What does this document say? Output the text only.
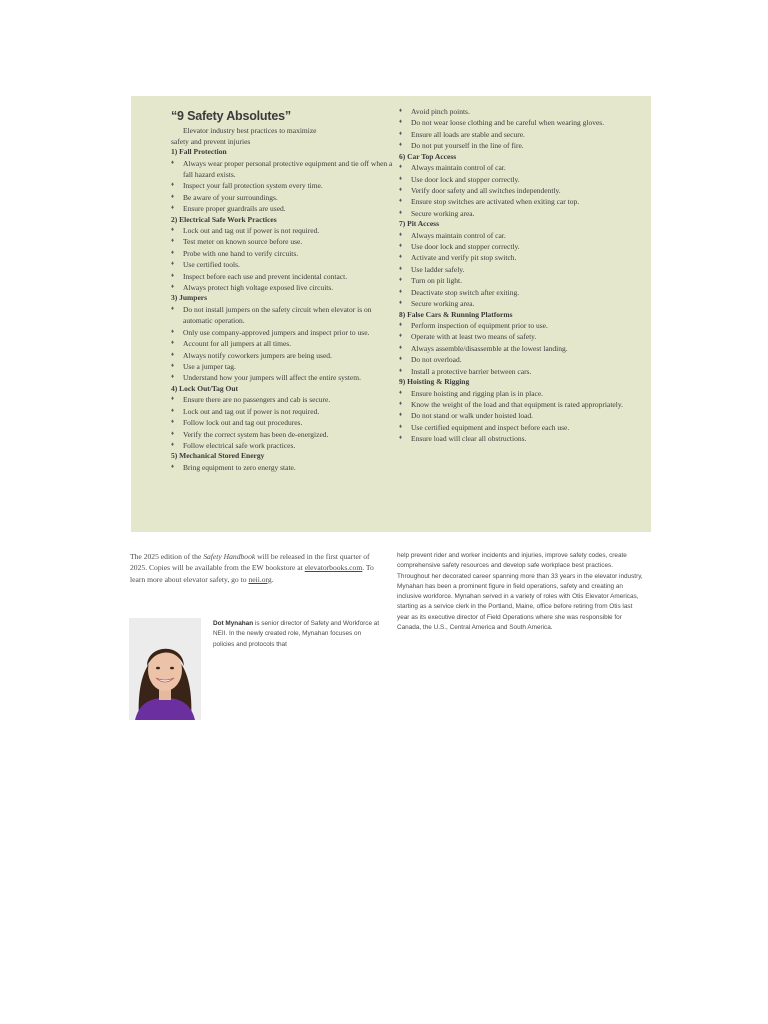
“9 Safety Absolutes”
Elevator industry best practices to maximize
safety and prevent injuries
1) Fall Protection
♦ Always wear proper personal protective equipment and tie off when a fall hazard exists.
♦ Inspect your fall protection system every time.
♦ Be aware of your surroundings.
♦ Ensure proper guardrails are used.
2) Electrical Safe Work Practices
♦ Lock out and tag out if power is not required.
♦ Test meter on known source before use.
♦ Probe with one hand to verify circuits.
♦ Use certified tools.
♦ Inspect before each use and prevent incidental contact.
♦ Always protect high voltage exposed live circuits.
3) Jumpers
♦ Do not install jumpers on the safety circuit when elevator is on automatic operation.
♦ Only use company-approved jumpers and inspect prior to use.
♦ Account for all jumpers at all times.
♦ Always notify coworkers jumpers are being used.
♦ Use a jumper tag.
♦ Understand how your jumpers will affect the entire system.
4) Lock Out/Tag Out
♦ Ensure there are no passengers and cab is secure.
♦ Lock out and tag out if power is not required.
♦ Follow lock out and tag out procedures.
♦ Verify the correct system has been de-energized.
♦ Follow electrical safe work practices.
5) Mechanical Stored Energy
♦ Bring equipment to zero energy state.
♦ Avoid pinch points.
♦ Do not wear loose clothing and be careful when wearing gloves.
♦ Ensure all loads are stable and secure.
♦ Do not put yourself in the line of fire.
6) Car Top Access
♦ Always maintain control of car.
♦ Use door lock and stopper correctly.
♦ Verify door safety and all switches independently.
♦ Ensure stop switches are activated when exiting car top.
♦ Secure working area.
7) Pit Access
♦ Always maintain control of car.
♦ Use door lock and stopper correctly.
♦ Activate and verify pit stop switch.
♦ Use ladder safely.
♦ Turn on pit light.
♦ Deactivate stop switch after exiting.
♦ Secure working area.
8) False Cars & Running Platforms
♦ Perform inspection of equipment prior to use.
♦ Operate with at least two means of safety.
♦ Always assemble/disassemble at the lowest landing.
♦ Do not overload.
♦ Install a protective barrier between cars.
9) Hoisting & Rigging
♦ Ensure hoisting and rigging plan is in place.
♦ Know the weight of the load and that equipment is rated appropriately.
♦ Do not stand or walk under hoisted load.
♦ Use certified equipment and inspect before each use.
♦ Ensure load will clear all obstructions.
The 2025 edition of the Safety Handbook will be released in the first quarter of 2025. Copies will be available from the EW bookstore at elevatorbooks.com. To learn more about elevator safety, go to neii.org.
Dot Mynahan is senior director of Safety and Workforce at NEII. In the newly created role, Mynahan focuses on policies and protocols that
help prevent rider and worker incidents and injuries, improve safety codes, create comprehensive safety resources and develop safe workplace best practices. Throughout her decorated career spanning more than 33 years in the elevator industry, Mynahan has been a prominent figure in field operations, safety and creating an inclusive workforce. Mynahan served in a variety of roles with Otis Elevator Americas, starting as a service clerk in the Portland, Maine, office before retiring from Otis last year as its executive director of Field Operations where she was responsible for Canada, the U.S., Central America and South America.
